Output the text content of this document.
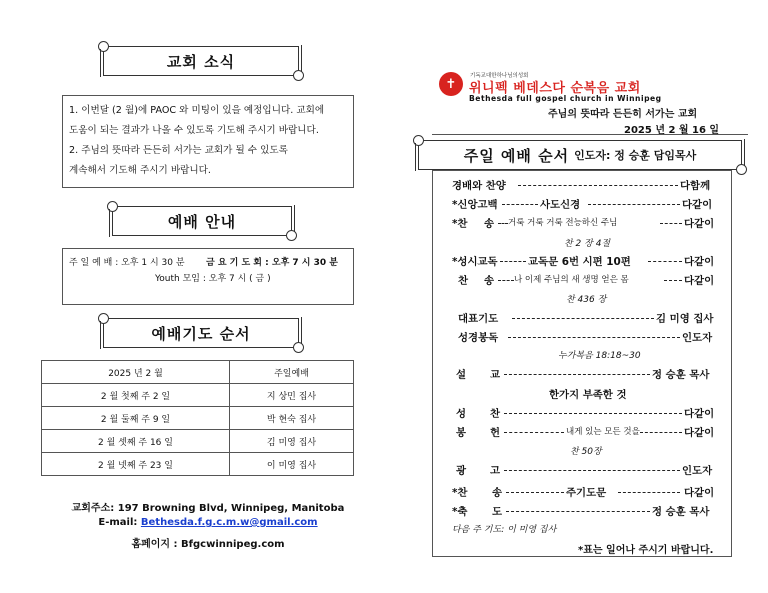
교회 소식
1. 이번달 (2 월)에 PAOC 와 미팅이 있을 예정입니다. 교회에
도움이 되는 결과가 나올 수 있도록 기도해 주시기 바랍니다.
2. 주님의 뜻따라 든든히 서가는 교회가 될 수 있도록
계속해서 기도해 주시기 바랍니다.
예배 안내
주 일 예 배 : 오후 1 시 30 분 금 요 기 도 회 : 오후 7 시 30 분
Youth 모임 : 오후 7 시 ( 금 )
예배기도 순서
2025 년 2 월	주일예배
2 월 첫째 주 2 일	지 상민 집사
2 월 둘째 주 9 일	박 현숙 집사
2 월 셋째 주 16 일	김 미영 집사
2 월 넷째 주 23 일	이 미영 집사
교회주소: 197 Browning Blvd, Winnipeg, Manitoba
E-mail: Bethesda.f.g.c.m.w@gmail.com
홈페이지 : Bfgcwinnipeg.com
✝
기독교대한하나님의성회
위니펙 베데스다 순복음 교회
Bethesda full gospel church in Winnipeg
주님의 뜻따라 든든히 서가는 교회
2025 년 2 월 16 일
주일 예배 순서 인도자: 정 승훈 담임목사
경배와 찬양	다함께
*신앙고백	사도신경	다같이
*찬 송 거룩 거룩 거룩 전능하신 주님	다같이
찬 2 장 4절
*성시교독	교독문 6번 시편 10편	다같이
찬 송 나 이제 주님의 새 생명 얻은 몸	다같이
찬 436 장
대표기도	김 미영 집사
성경봉독	인도자
누가복음 18:18~30
설 교	정 승훈 목사
한가지 부족한 것
성 찬	다같이
봉 헌	내게 있는 모든 것을	다같이
찬 50장
광 고	인도자
*찬 송	주기도문	다같이
*축 도	정 승훈 목사
다음 주 기도: 이 미영 집사
*표는 일어나 주시기 바랍니다.
